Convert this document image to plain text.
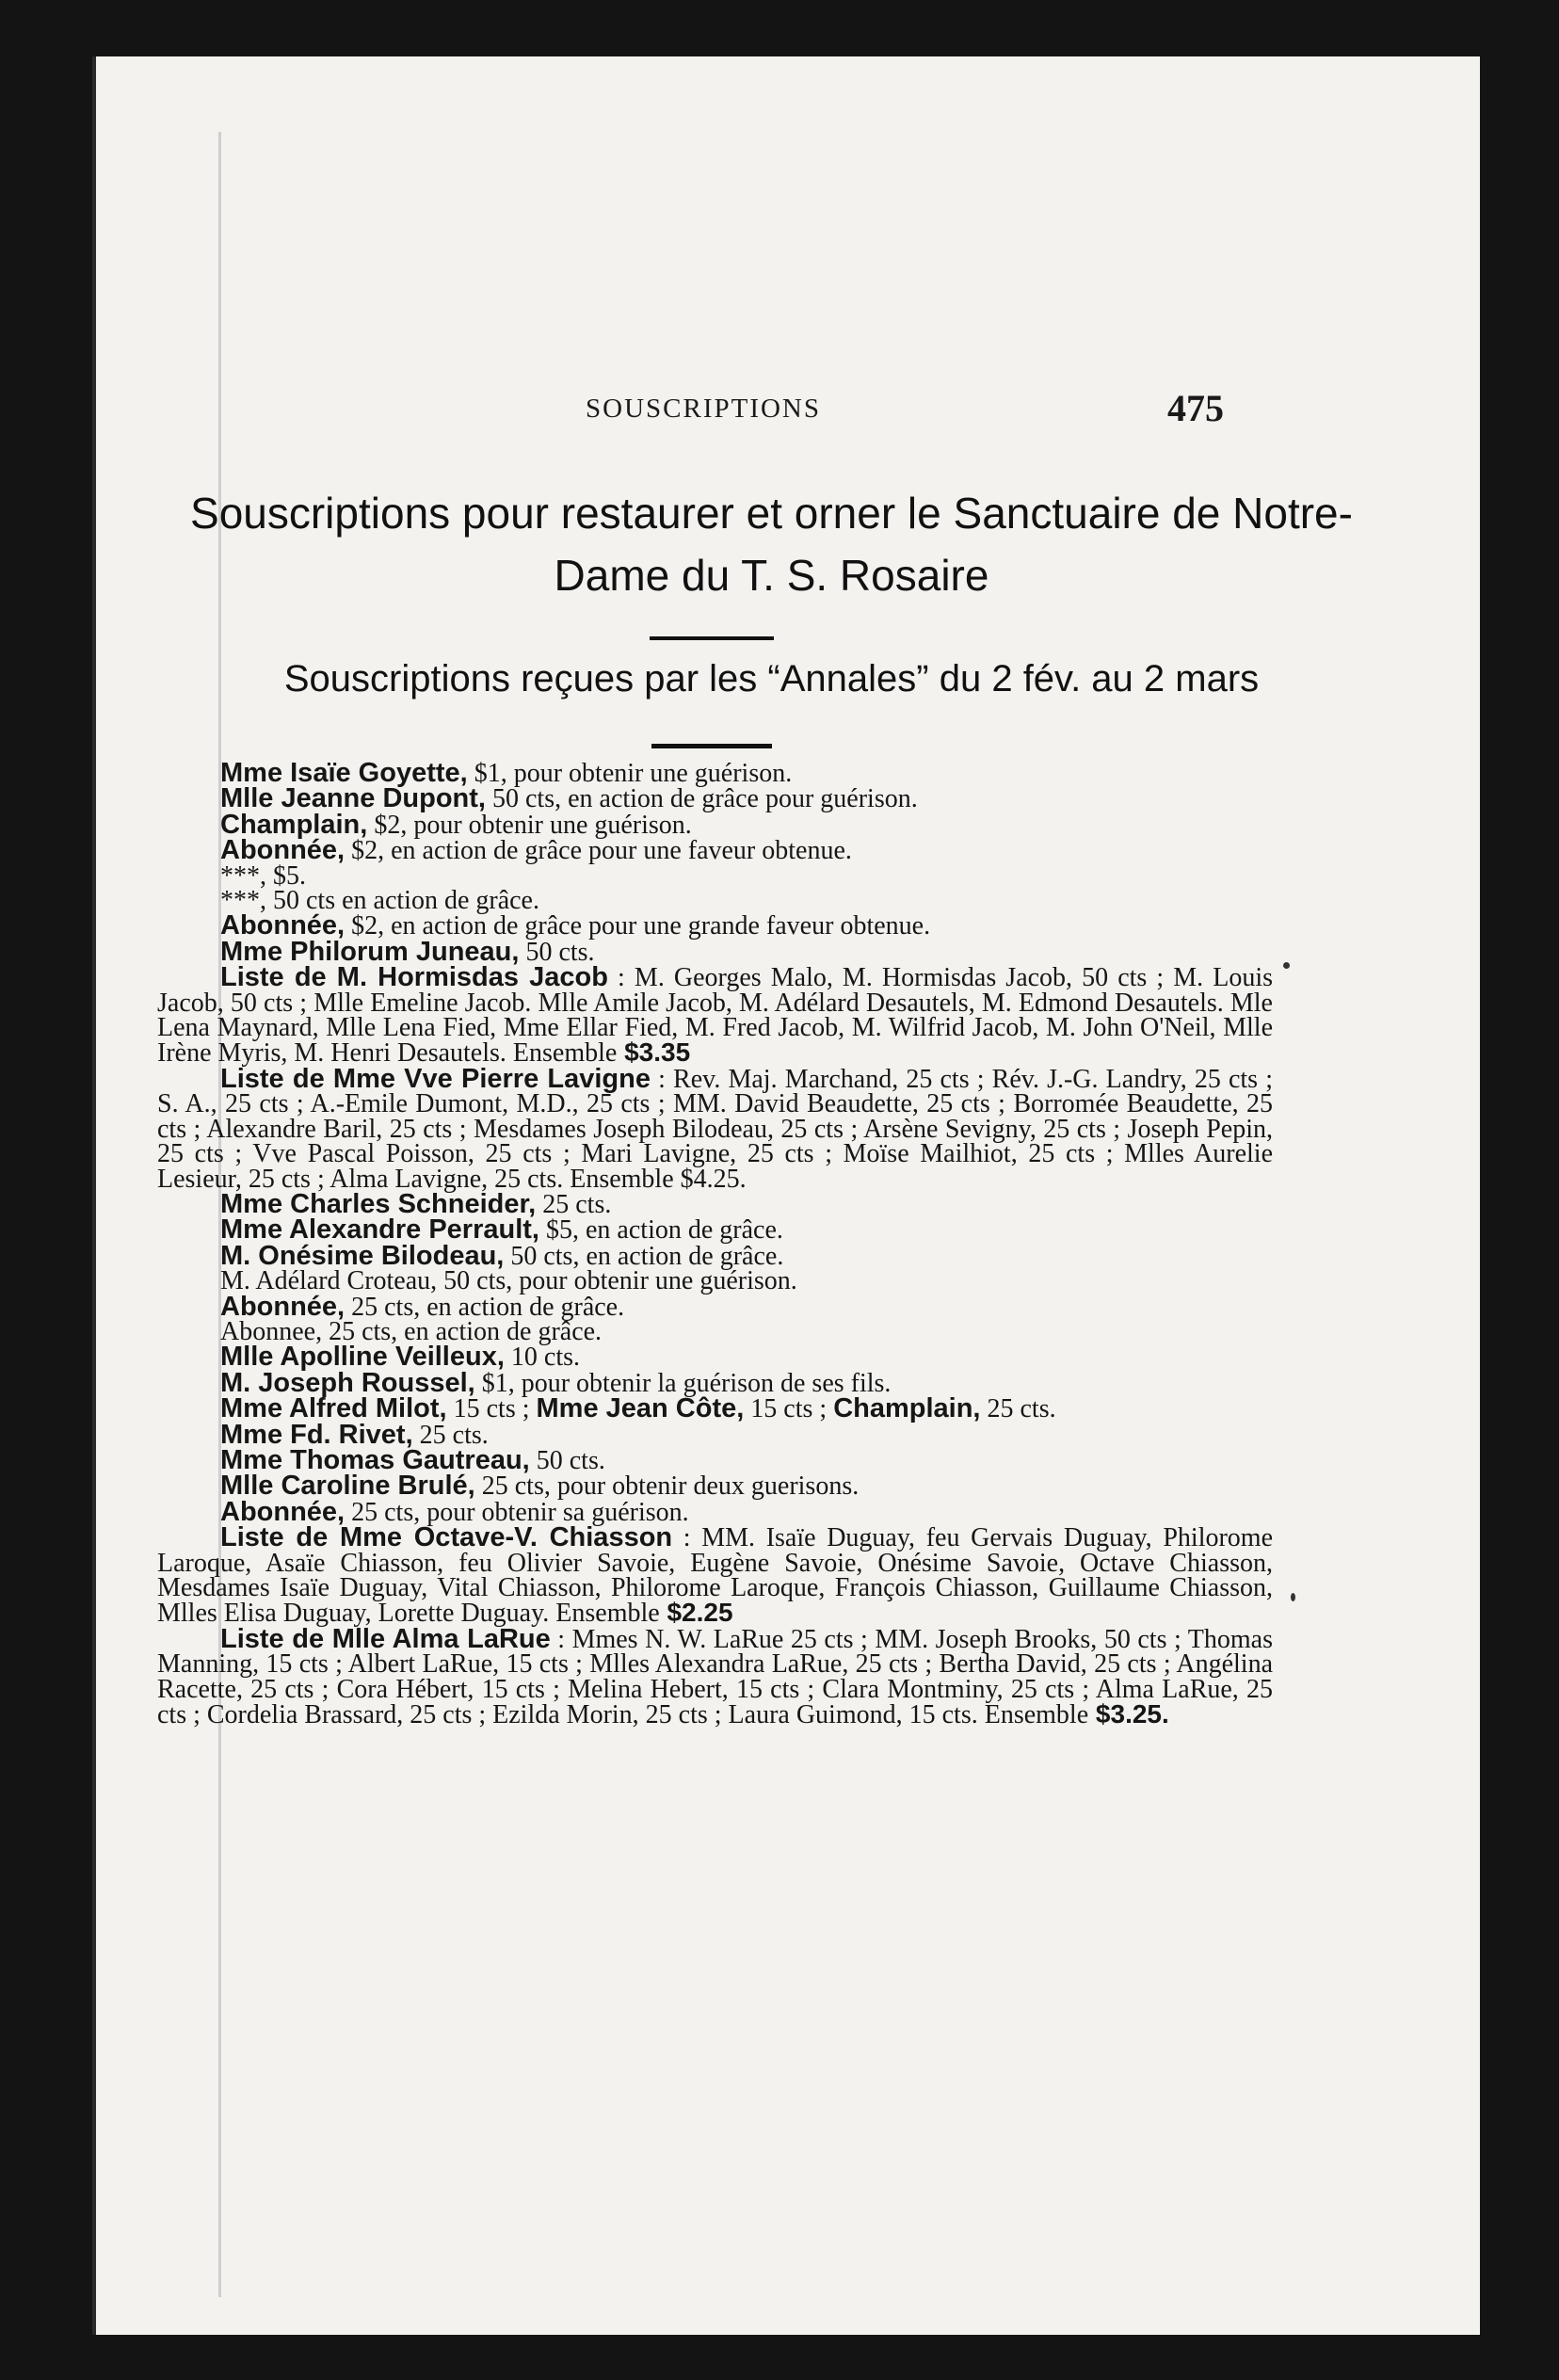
SOUSCRIPTIONS	475
Souscriptions pour restaurer et orner le Sanctuaire de Notre-Dame du T. S. Rosaire
Souscriptions reçues par les “Annales” du 2 fév. au 2 mars

Mme Isaïe Goyette, $1, pour obtenir une guérison.

Mlle Jeanne Dupont, 50 cts, en action de grâce pour guérison.

Champlain, $2, pour obtenir une guérison.

Abonnée, $2, en action de grâce pour une faveur obtenue.

***, $5.

***, 50 cts en action de grâce.

Abonnée, $2, en action de grâce pour une grande faveur obtenue.

Mme Philorum Juneau, 50 cts.

Liste de M. Hormisdas Jacob : M. Georges Malo, M. Hormisdas Jacob, 50 cts ; M. Louis Jacob, 50 cts ; Mlle Emeline Jacob. Mlle Amile Jacob, M. Adélard Desautels, M. Edmond Desautels. Mle Lena Maynard, Mlle Lena Fied, Mme Ellar Fied, M. Fred Jacob, M. Wilfrid Jacob, M. John O'Neil, Mlle Irène Myris, M. Henri Desautels. Ensemble $3.35

Liste de Mme Vve Pierre Lavigne : Rev. Maj. Marchand, 25 cts ; Rév. J.-G. Landry, 25 cts ; S. A., 25 cts ; A.-Emile Dumont, M.D., 25 cts ; MM. David Beaudette, 25 cts ; Borromée Beaudette, 25 cts ; Alexandre Baril, 25 cts ; Mesdames Joseph Bilodeau, 25 cts ; Arsène Sevigny, 25 cts ; Joseph Pepin, 25 cts ; Vve Pascal Poisson, 25 cts ; Mari Lavigne, 25 cts ; Moïse Mailhiot, 25 cts ; Mlles Aurelie Lesieur, 25 cts ; Alma Lavigne, 25 cts. Ensemble $4.25.

Mme Charles Schneider, 25 cts.

Mme Alexandre Perrault, $5, en action de grâce.

M. Onésime Bilodeau, 50 cts, en action de grâce.

M. Adélard Croteau, 50 cts, pour obtenir une guérison.

Abonnée, 25 cts, en action de grâce.

Abonnee, 25 cts, en action de grâce.

Mlle Apolline Veilleux, 10 cts.

M. Joseph Roussel, $1, pour obtenir la guérison de ses fils.

Mme Alfred Milot, 15 cts ; Mme Jean Côte, 15 cts ; Champlain, 25 cts.

Mme Fd. Rivet, 25 cts.

Mme Thomas Gautreau, 50 cts.

Mlle Caroline Brulé, 25 cts, pour obtenir deux guerisons.

Abonnée, 25 cts, pour obtenir sa guérison.

Liste de Mme Octave-V. Chiasson : MM. Isaïe Duguay, feu Gervais Duguay, Philorome Laroque, Asaïe Chiasson, feu Olivier Savoie, Eugène Savoie, Onésime Savoie, Octave Chiasson, Mesdames Isaïe Duguay, Vital Chiasson, Philorome Laroque, François Chiasson, Guillaume Chiasson, Mlles Elisa Duguay, Lorette Duguay. Ensemble $2.25

Liste de Mlle Alma LaRue : Mmes N. W. LaRue 25 cts ; MM. Joseph Brooks, 50 cts ; Thomas Manning, 15 cts ; Albert LaRue, 15 cts ; Mlles Alexandra LaRue, 25 cts ; Bertha David, 25 cts ; Angélina Racette, 25 cts ; Cora Hébert, 15 cts ; Melina Hebert, 15 cts ; Clara Montminy, 25 cts ; Alma LaRue, 25 cts ; Cordelia Brassard, 25 cts ; Ezilda Morin, 25 cts ; Laura Guimond, 15 cts. Ensemble $3.25.
